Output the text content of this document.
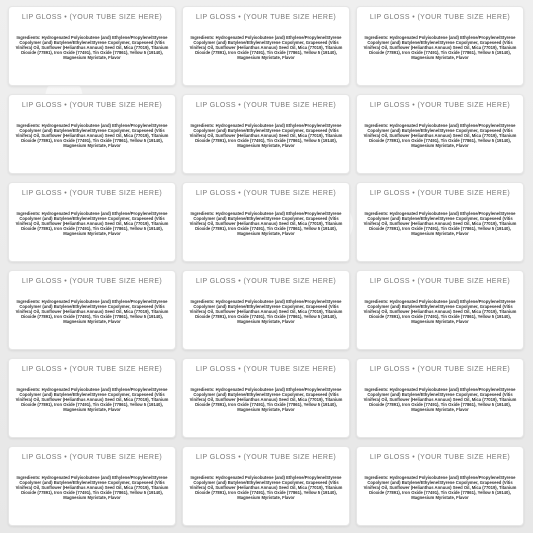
LIP GLOSS • (YOUR TUBE SIZE HERE)
Ingredients: Hydrogenated Polyisobutene (and) Ethylene/Propylene/Styrene Copolymer (and) Butylene/Ethylene/Styrene Copolymer, Grapeseed (Vitis Vinifera) Oil, Sunflower (Helianthus Annuus) Seed Oil, Mica (77019), Titanium Dioxide (77891), Iron Oxide (77491), Tin Oxide (77861), Yellow 5 (19140), Magnesium Myristate, Flavor
LIP GLOSS • (YOUR TUBE SIZE HERE)
Ingredients: Hydrogenated Polyisobutene (and) Ethylene/Propylene/Styrene Copolymer (and) Butylene/Ethylene/Styrene Copolymer, Grapeseed (Vitis Vinifera) Oil, Sunflower (Helianthus Annuus) Seed Oil, Mica (77019), Titanium Dioxide (77891), Iron Oxide (77491), Tin Oxide (77861), Yellow 5 (19140), Magnesium Myristate, Flavor
LIP GLOSS • (YOUR TUBE SIZE HERE)
Ingredients: Hydrogenated Polyisobutene (and) Ethylene/Propylene/Styrene Copolymer (and) Butylene/Ethylene/Styrene Copolymer, Grapeseed (Vitis Vinifera) Oil, Sunflower (Helianthus Annuus) Seed Oil, Mica (77019), Titanium Dioxide (77891), Iron Oxide (77491), Tin Oxide (77861), Yellow 5 (19140), Magnesium Myristate, Flavor
LIP GLOSS • (YOUR TUBE SIZE HERE)
Ingredients: Hydrogenated Polyisobutene (and) Ethylene/Propylene/Styrene Copolymer (and) Butylene/Ethylene/Styrene Copolymer, Grapeseed (Vitis Vinifera) Oil, Sunflower (Helianthus Annuus) Seed Oil, Mica (77019), Titanium Dioxide (77891), Iron Oxide (77491), Tin Oxide (77861), Yellow 5 (19140), Magnesium Myristate, Flavor
LIP GLOSS • (YOUR TUBE SIZE HERE)
Ingredients: Hydrogenated Polyisobutene (and) Ethylene/Propylene/Styrene Copolymer (and) Butylene/Ethylene/Styrene Copolymer, Grapeseed (Vitis Vinifera) Oil, Sunflower (Helianthus Annuus) Seed Oil, Mica (77019), Titanium Dioxide (77891), Iron Oxide (77491), Tin Oxide (77861), Yellow 5 (19140), Magnesium Myristate, Flavor
LIP GLOSS • (YOUR TUBE SIZE HERE)
Ingredients: Hydrogenated Polyisobutene (and) Ethylene/Propylene/Styrene Copolymer (and) Butylene/Ethylene/Styrene Copolymer, Grapeseed (Vitis Vinifera) Oil, Sunflower (Helianthus Annuus) Seed Oil, Mica (77019), Titanium Dioxide (77891), Iron Oxide (77491), Tin Oxide (77861), Yellow 5 (19140), Magnesium Myristate, Flavor
LIP GLOSS • (YOUR TUBE SIZE HERE)
Ingredients: Hydrogenated Polyisobutene (and) Ethylene/Propylene/Styrene Copolymer (and) Butylene/Ethylene/Styrene Copolymer, Grapeseed (Vitis Vinifera) Oil, Sunflower (Helianthus Annuus) Seed Oil, Mica (77019), Titanium Dioxide (77891), Iron Oxide (77491), Tin Oxide (77861), Yellow 5 (19140), Magnesium Myristate, Flavor
LIP GLOSS • (YOUR TUBE SIZE HERE)
Ingredients: Hydrogenated Polyisobutene (and) Ethylene/Propylene/Styrene Copolymer (and) Butylene/Ethylene/Styrene Copolymer, Grapeseed (Vitis Vinifera) Oil, Sunflower (Helianthus Annuus) Seed Oil, Mica (77019), Titanium Dioxide (77891), Iron Oxide (77491), Tin Oxide (77861), Yellow 5 (19140), Magnesium Myristate, Flavor
LIP GLOSS • (YOUR TUBE SIZE HERE)
Ingredients: Hydrogenated Polyisobutene (and) Ethylene/Propylene/Styrene Copolymer (and) Butylene/Ethylene/Styrene Copolymer, Grapeseed (Vitis Vinifera) Oil, Sunflower (Helianthus Annuus) Seed Oil, Mica (77019), Titanium Dioxide (77891), Iron Oxide (77491), Tin Oxide (77861), Yellow 5 (19140), Magnesium Myristate, Flavor
LIP GLOSS • (YOUR TUBE SIZE HERE)
Ingredients: Hydrogenated Polyisobutene (and) Ethylene/Propylene/Styrene Copolymer (and) Butylene/Ethylene/Styrene Copolymer, Grapeseed (Vitis Vinifera) Oil, Sunflower (Helianthus Annuus) Seed Oil, Mica (77019), Titanium Dioxide (77891), Iron Oxide (77491), Tin Oxide (77861), Yellow 5 (19140), Magnesium Myristate, Flavor
LIP GLOSS • (YOUR TUBE SIZE HERE)
Ingredients: Hydrogenated Polyisobutene (and) Ethylene/Propylene/Styrene Copolymer (and) Butylene/Ethylene/Styrene Copolymer, Grapeseed (Vitis Vinifera) Oil, Sunflower (Helianthus Annuus) Seed Oil, Mica (77019), Titanium Dioxide (77891), Iron Oxide (77491), Tin Oxide (77861), Yellow 5 (19140), Magnesium Myristate, Flavor
LIP GLOSS • (YOUR TUBE SIZE HERE)
Ingredients: Hydrogenated Polyisobutene (and) Ethylene/Propylene/Styrene Copolymer (and) Butylene/Ethylene/Styrene Copolymer, Grapeseed (Vitis Vinifera) Oil, Sunflower (Helianthus Annuus) Seed Oil, Mica (77019), Titanium Dioxide (77891), Iron Oxide (77491), Tin Oxide (77861), Yellow 5 (19140), Magnesium Myristate, Flavor
LIP GLOSS • (YOUR TUBE SIZE HERE)
Ingredients: Hydrogenated Polyisobutene (and) Ethylene/Propylene/Styrene Copolymer (and) Butylene/Ethylene/Styrene Copolymer, Grapeseed (Vitis Vinifera) Oil, Sunflower (Helianthus Annuus) Seed Oil, Mica (77019), Titanium Dioxide (77891), Iron Oxide (77491), Tin Oxide (77861), Yellow 5 (19140), Magnesium Myristate, Flavor
LIP GLOSS • (YOUR TUBE SIZE HERE)
Ingredients: Hydrogenated Polyisobutene (and) Ethylene/Propylene/Styrene Copolymer (and) Butylene/Ethylene/Styrene Copolymer, Grapeseed (Vitis Vinifera) Oil, Sunflower (Helianthus Annuus) Seed Oil, Mica (77019), Titanium Dioxide (77891), Iron Oxide (77491), Tin Oxide (77861), Yellow 5 (19140), Magnesium Myristate, Flavor
LIP GLOSS • (YOUR TUBE SIZE HERE)
Ingredients: Hydrogenated Polyisobutene (and) Ethylene/Propylene/Styrene Copolymer (and) Butylene/Ethylene/Styrene Copolymer, Grapeseed (Vitis Vinifera) Oil, Sunflower (Helianthus Annuus) Seed Oil, Mica (77019), Titanium Dioxide (77891), Iron Oxide (77491), Tin Oxide (77861), Yellow 5 (19140), Magnesium Myristate, Flavor
LIP GLOSS • (YOUR TUBE SIZE HERE)
Ingredients: Hydrogenated Polyisobutene (and) Ethylene/Propylene/Styrene Copolymer (and) Butylene/Ethylene/Styrene Copolymer, Grapeseed (Vitis Vinifera) Oil, Sunflower (Helianthus Annuus) Seed Oil, Mica (77019), Titanium Dioxide (77891), Iron Oxide (77491), Tin Oxide (77861), Yellow 5 (19140), Magnesium Myristate, Flavor
LIP GLOSS • (YOUR TUBE SIZE HERE)
Ingredients: Hydrogenated Polyisobutene (and) Ethylene/Propylene/Styrene Copolymer (and) Butylene/Ethylene/Styrene Copolymer, Grapeseed (Vitis Vinifera) Oil, Sunflower (Helianthus Annuus) Seed Oil, Mica (77019), Titanium Dioxide (77891), Iron Oxide (77491), Tin Oxide (77861), Yellow 5 (19140), Magnesium Myristate, Flavor
LIP GLOSS • (YOUR TUBE SIZE HERE)
Ingredients: Hydrogenated Polyisobutene (and) Ethylene/Propylene/Styrene Copolymer (and) Butylene/Ethylene/Styrene Copolymer, Grapeseed (Vitis Vinifera) Oil, Sunflower (Helianthus Annuus) Seed Oil, Mica (77019), Titanium Dioxide (77891), Iron Oxide (77491), Tin Oxide (77861), Yellow 5 (19140), Magnesium Myristate, Flavor
